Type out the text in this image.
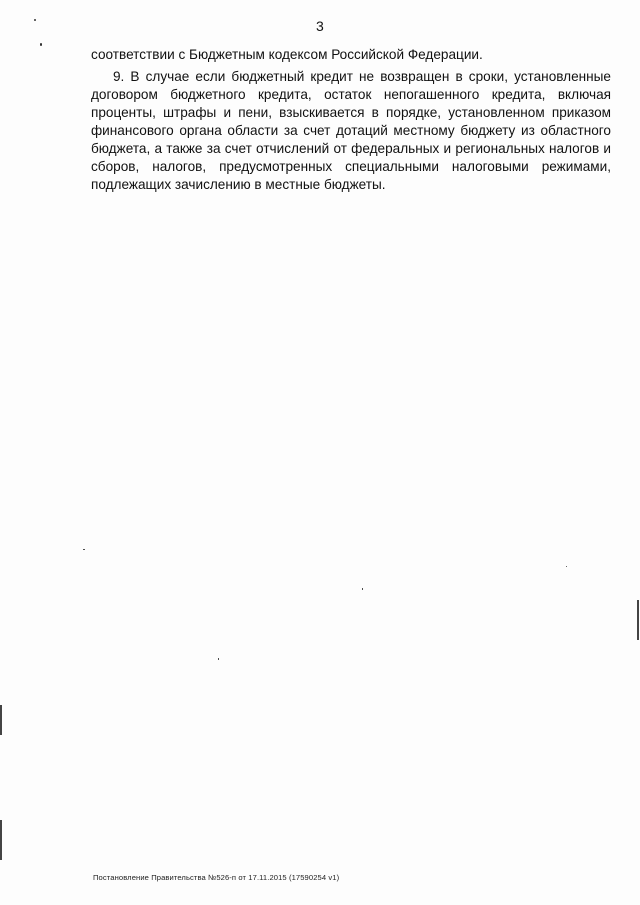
3

соответствии с Бюджетным кодексом Российской Федерации.

9. В случае если бюджетный кредит не возвращен в сроки, установленные договором бюджетного кредита, остаток непогашенного кредита, включая проценты, штрафы и пени, взыскивается в порядке, установленном приказом финансового органа области за счет дотаций местному бюджету из областного бюджета, а также за счет отчислений от федеральных и региональных налогов и сборов, налогов, предусмотренных специальными налоговыми режимами, подлежащих зачислению в местные бюджеты.

Постановление Правительства №526-п от 17.11.2015 (17590254 v1)
